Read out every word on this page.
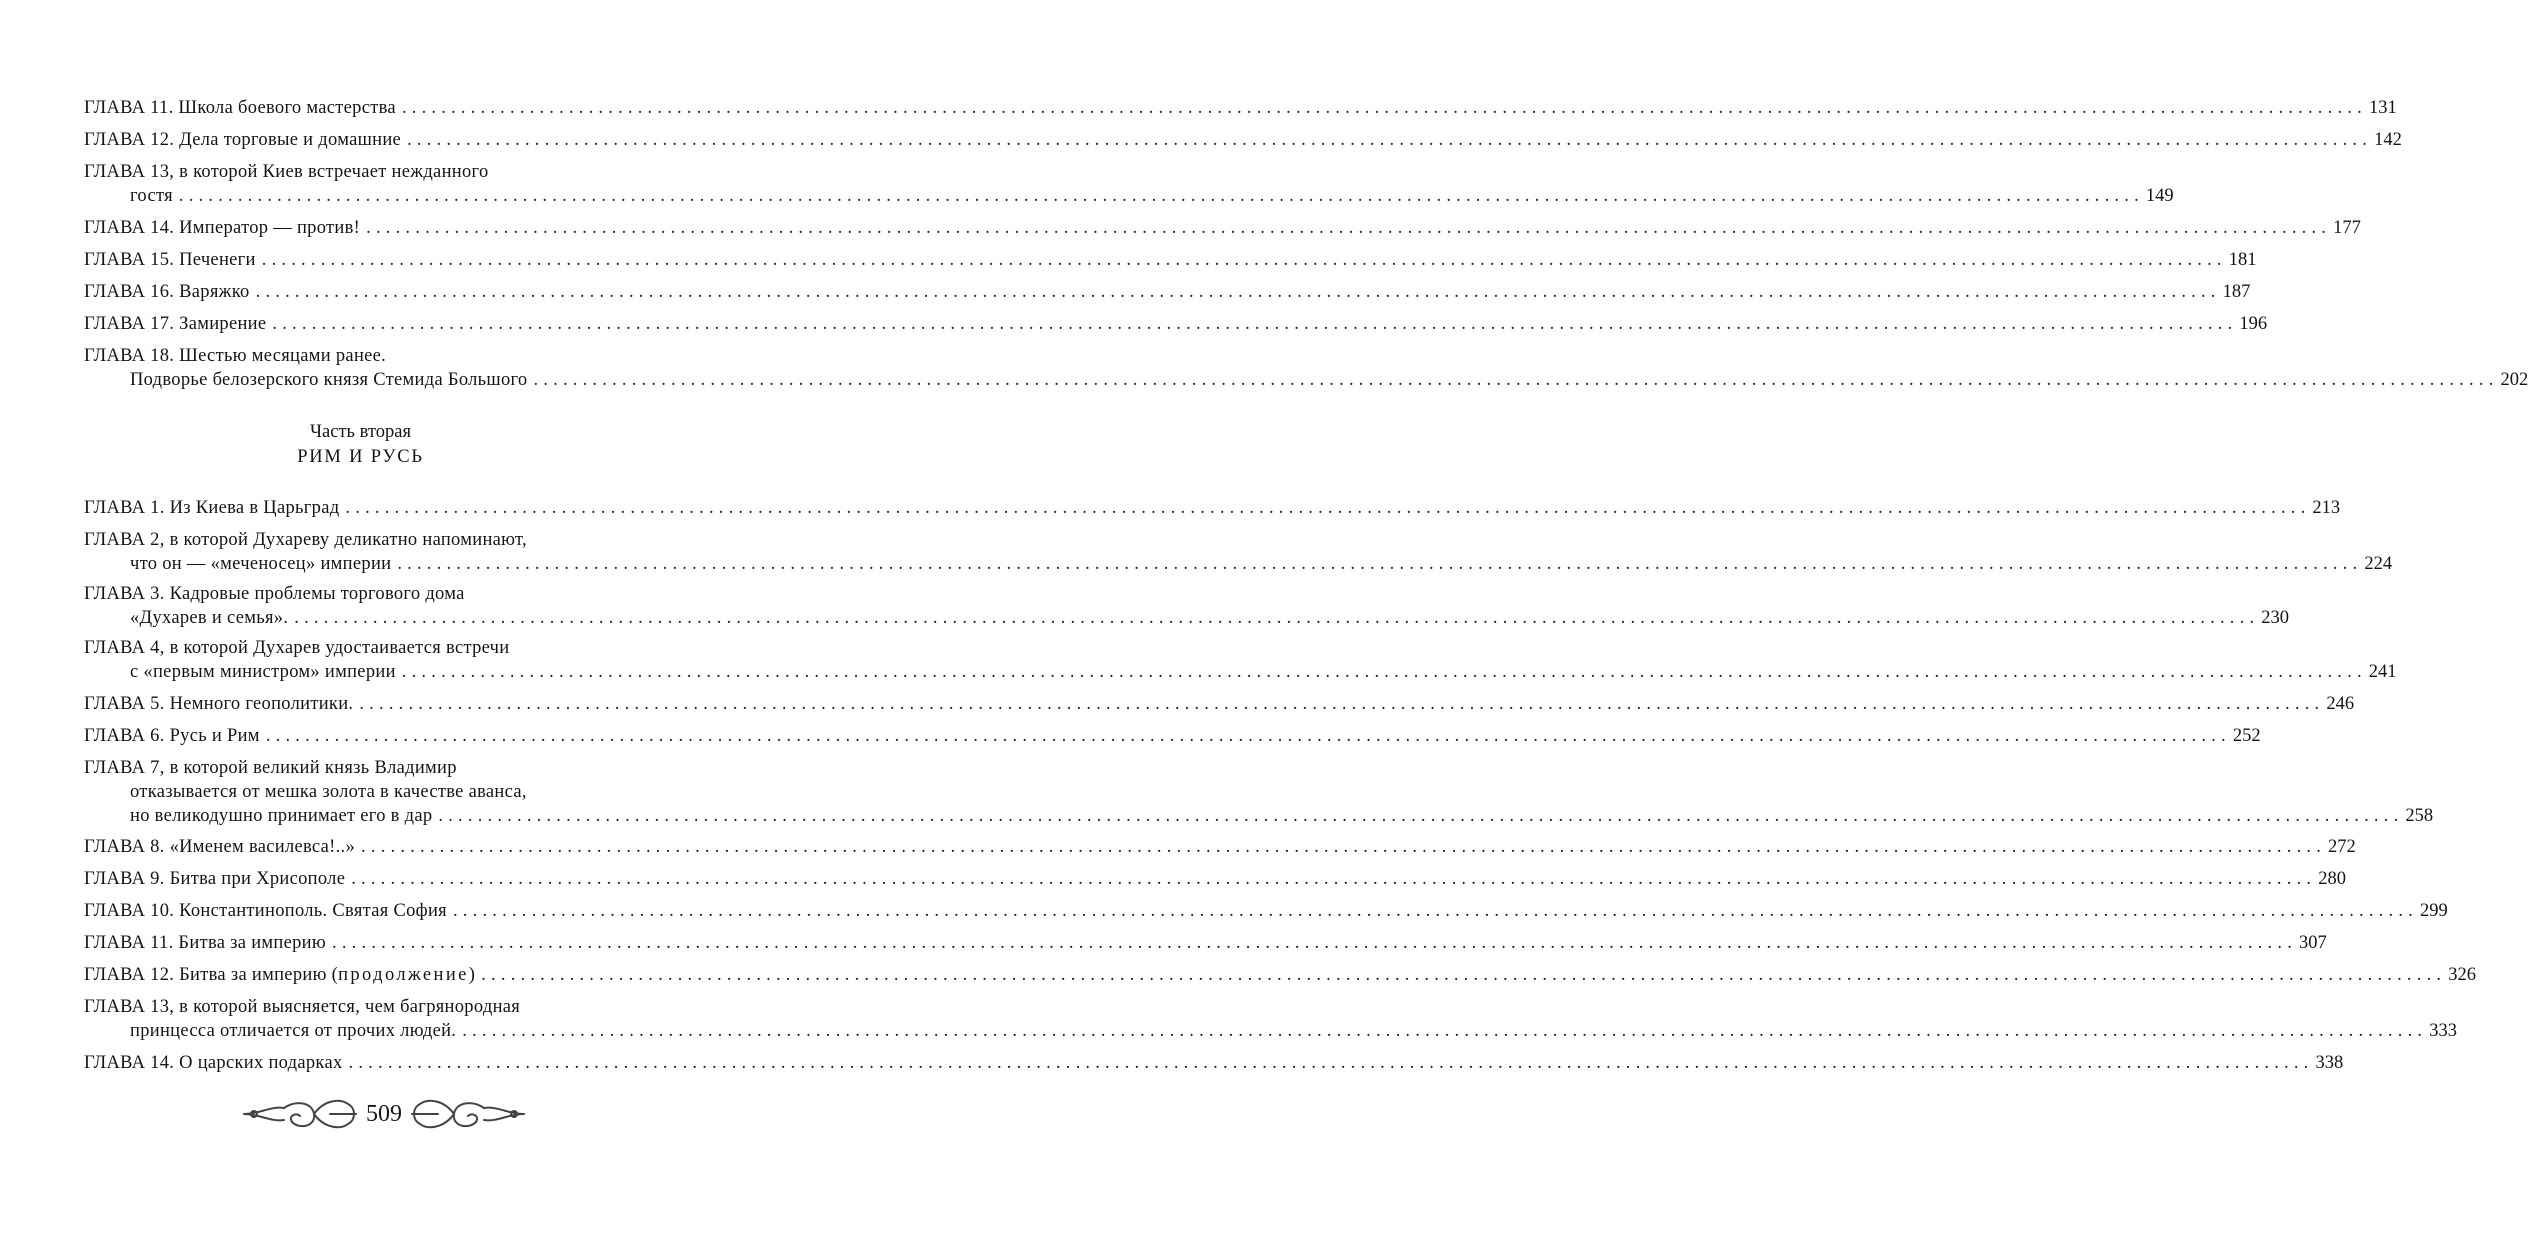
ГЛАВА 11. Школа боевого мастерства ........................................................................................................................................................................................................ 131
ГЛАВА 12. Дела торговые и домашние ........................................................................................................................................................................................................ 142
ГЛАВА 13, в которой Киев встречает нежданного
гостя ........................................................................................................................................................................................................ 149
ГЛАВА 14. Император — против! ........................................................................................................................................................................................................ 177
ГЛАВА 15. Печенеги ........................................................................................................................................................................................................ 181
ГЛАВА 16. Варяжко ........................................................................................................................................................................................................ 187
ГЛАВА 17. Замирение ........................................................................................................................................................................................................ 196
ГЛАВА 18. Шестью месяцами ранее.
Подворье белозерского князя Стемида Большого ........................................................................................................................................................................................................ 202
Часть вторая
РИМ И РУСЬ
ГЛАВА 1. Из Киева в Царьград ........................................................................................................................................................................................................ 213
ГЛАВА 2, в которой Духареву деликатно напоминают,
что он — «меченосец» империи ........................................................................................................................................................................................................ 224
ГЛАВА 3. Кадровые проблемы торгового дома
«Духарев и семья». ........................................................................................................................................................................................................ 230
ГЛАВА 4, в которой Духарев удостаивается встречи
с «первым министром» империи ........................................................................................................................................................................................................ 241
ГЛАВА 5. Немного геополитики. ........................................................................................................................................................................................................ 246
ГЛАВА 6. Русь и Рим ........................................................................................................................................................................................................ 252
ГЛАВА 7, в которой великий князь Владимир
отказывается от мешка золота в качестве аванса,
но великодушно принимает его в дар ........................................................................................................................................................................................................ 258
ГЛАВА 8. «Именем василевса!..» ........................................................................................................................................................................................................ 272
ГЛАВА 9. Битва при Хрисополе ........................................................................................................................................................................................................ 280
ГЛАВА 10. Константинополь. Святая София ........................................................................................................................................................................................................ 299
ГЛАВА 11. Битва за империю ........................................................................................................................................................................................................ 307
ГЛАВА 12. Битва за империю (продолжение) ........................................................................................................................................................................................................ 326
ГЛАВА 13, в которой выясняется, чем багрянородная
принцесса отличается от прочих людей. ........................................................................................................................................................................................................ 333
ГЛАВА 14. О царских подарках ........................................................................................................................................................................................................ 338
509
